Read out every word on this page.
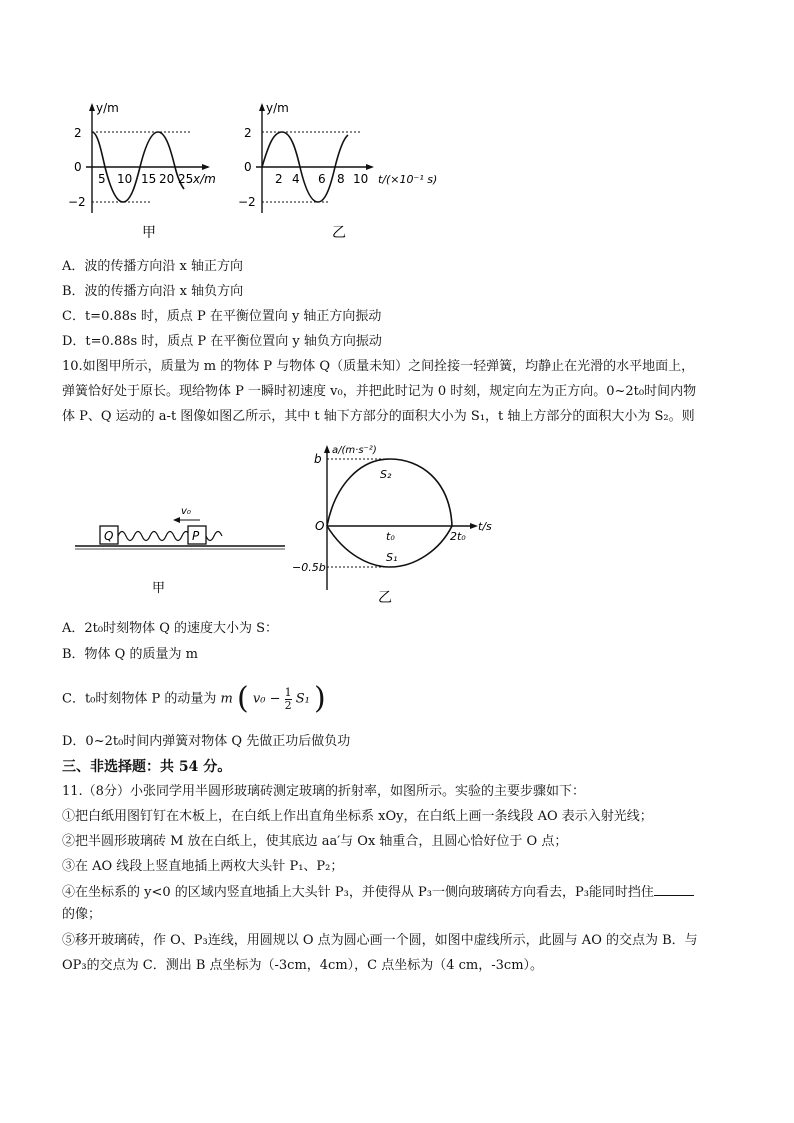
y/m
2
0
−2
5 10 15 20 25 x/m
甲
y/m
2
0
−2
2 4 6 8 10 t/(×10⁻¹ s)
乙
A．波的传播方向沿 x 轴正方向
B．波的传播方向沿 x 轴负方向
C．t=0.88s 时，质点 P 在平衡位置向 y 轴正方向振动
D．t=0.88s 时，质点 P 在平衡位置向 y 轴负方向振动
10.如图甲所示，质量为 m 的物体 P 与物体 Q（质量未知）之间拴接一轻弹簧，均静止在光滑的水平地面上，
弹簧恰好处于原长。现给物体 P 一瞬时初速度 v₀，并把此时记为 0 时刻，规定向左为正方向。0~2t₀时间内物
体 P、Q 运动的 a-t 图像如图乙所示，其中 t 轴下方部分的面积大小为 S₁，t 轴上方部分的面积大小为 S₂。则
Q	P
v₀
甲
a/(m·s⁻²)
b
−0.5b
O
t₀	2t₀
t/s
S₂
S₁
乙
A．2t₀时刻物体 Q 的速度大小为 S：
B．物体 Q 的质量为 m
C．t₀时刻物体 P 的动量为 m ( $v_0 - \frac{1}{2} S_1$ )
D．0~2t₀时间内弹簧对物体 Q 先做正功后做负功
三、非选择题：共 54 分。
11.（8分）小张同学用半圆形玻璃砖测定玻璃的折射率，如图所示。实验的主要步骤如下：
①把白纸用图钉钉在木板上，在白纸上作出直角坐标系 xOy，在白纸上画一条线段 AO 表示入射光线；
②把半圆形玻璃砖 M 放在白纸上，使其底边 aa′与 Ox 轴重合，且圆心恰好位于 O 点；
③在 AO 线段上竖直地插上两枚大头针 P₁、P₂；
④在坐标系的 y<0 的区域内竖直地插上大头针 P₃，并使得从 P₃一侧向玻璃砖方向看去，P₃能同时挡住
的像；
⑤移开玻璃砖，作 O、P₃连线，用圆规以 O 点为圆心画一个圆，如图中虚线所示，此圆与 AO 的交点为 B．与
OP₃的交点为 C．测出 B 点坐标为（-3cm，4cm），C 点坐标为（4 cm，-3cm）。
